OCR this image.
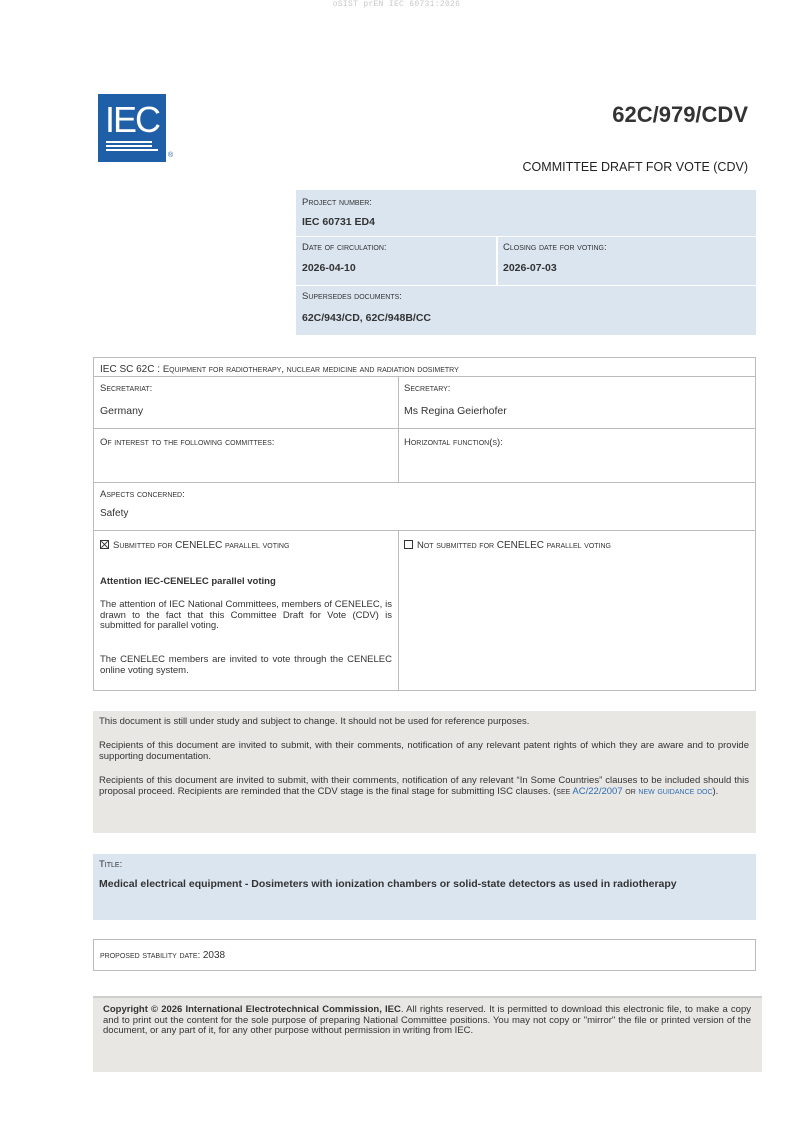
oSIST prEN IEC 60731:2026
IEC
®
62C/979/CDV
COMMITTEE DRAFT FOR VOTE (CDV)
Project number:
IEC 60731 ED4
Date of circulation:
2026-04-10
Closing date for voting:
2026-07-03
Supersedes documents:
62C/943/CD, 62C/948B/CC
IEC SC 62C : Equipment for radiotherapy, nuclear medicine and radiation dosimetry
Secretariat:
Germany
Secretary:
Ms Regina Geierhofer
Of interest to the following committees:	Horizontal function(s):
Aspects concerned:
Safety
Submitted for CENELEC parallel voting	Not submitted for CENELEC parallel voting
Attention IEC-CENELEC parallel voting
The attention of IEC National Committees, members of CENELEC, is drawn to the fact that this Committee Draft for Vote (CDV) is submitted for parallel voting.
The CENELEC members are invited to vote through the CENELEC online voting system.
This document is still under study and subject to change. It should not be used for reference purposes.
Recipients of this document are invited to submit, with their comments, notification of any relevant patent rights of which they are aware and to provide supporting documentation.
Recipients of this document are invited to submit, with their comments, notification of any relevant “In Some Countries” clauses to be included should this proposal proceed. Recipients are reminded that the CDV stage is the final stage for submitting ISC clauses. (see AC/22/2007 or new guidance doc).
Title:
Medical electrical equipment - Dosimeters with ionization chambers or solid-state detectors as used in radiotherapy
proposed stability date: 2038
Copyright © 2026 International Electrotechnical Commission, IEC. All rights reserved. It is permitted to download this electronic file, to make a copy and to print out the content for the sole purpose of preparing National Committee positions. You may not copy or "mirror" the file or printed version of the document, or any part of it, for any other purpose without permission in writing from IEC.
